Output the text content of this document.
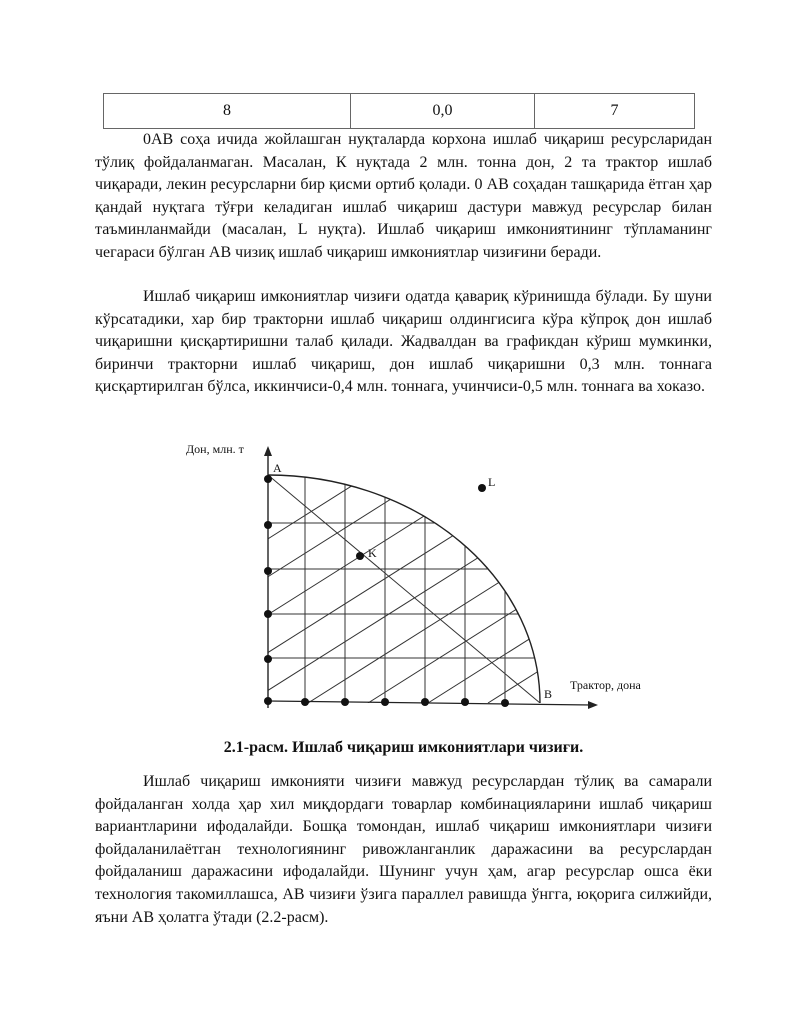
8	0,0	7

0АВ соҳа ичида жойлашган нуқталарда корхона ишлаб чиқариш ресурсларидан тўлиқ фойдаланмаган. Масалан, К нуқтада 2 млн. тонна дон, 2 та трактор ишлаб чиқаради, лекин ресурсларни бир қисми ортиб қолади. 0 АВ соҳадан ташқарида ётган ҳар қандай нуқтага тўғри келадиган ишлаб чиқариш дастури мавжуд ресурслар билан таъминланмайди (масалан, L нуқта). Ишлаб чиқариш имкониятининг тўпламанинг чегараси бўлган АВ чизиқ ишлаб чиқариш имкониятлар чизиғини беради.

Ишлаб чиқариш имкониятлар чизиғи одатда қавариқ кўринишда бўлади. Бу шуни кўрсатадики, хар бир тракторни ишлаб чиқариш олдингисига кўра кўпроқ дон ишлаб чиқаришни қисқартиришни талаб қилади. Жадвалдан ва графикдан кўриш мумкинки, биринчи тракторни ишлаб чиқариш, дон ишлаб чиқаришни 0,3 млн. тоннага қисқартирилган бўлса, иккинчиси-0,4 млн. тоннага, учинчиси-0,5 млн. тоннага ва хоказо.

Дон, млн. т
Трактор, дона
A
B
K
L

2.1-расм. Ишлаб чиқариш имкониятлари чизиғи.

Ишлаб чиқариш имконияти чизиғи мавжуд ресурслардан тўлиқ ва самарали фойдаланган холда ҳар хил миқдордаги товарлар комбинацияларини ишлаб чиқариш вариантларини ифодалайди. Бошқа томондан, ишлаб чиқариш имкониятлари чизиғи фойдаланилаётган технологиянинг ривожланганлик даражасини ва ресурслардан фойдаланиш даражасини ифодалайди. Шунинг учун ҳам, агар ресурслар ошса ёки технология такомиллашса, АВ чизиғи ўзига параллел равишда ўнгга, юқорига силжийди, яъни АВ ҳолатга ўтади (2.2-расм).
